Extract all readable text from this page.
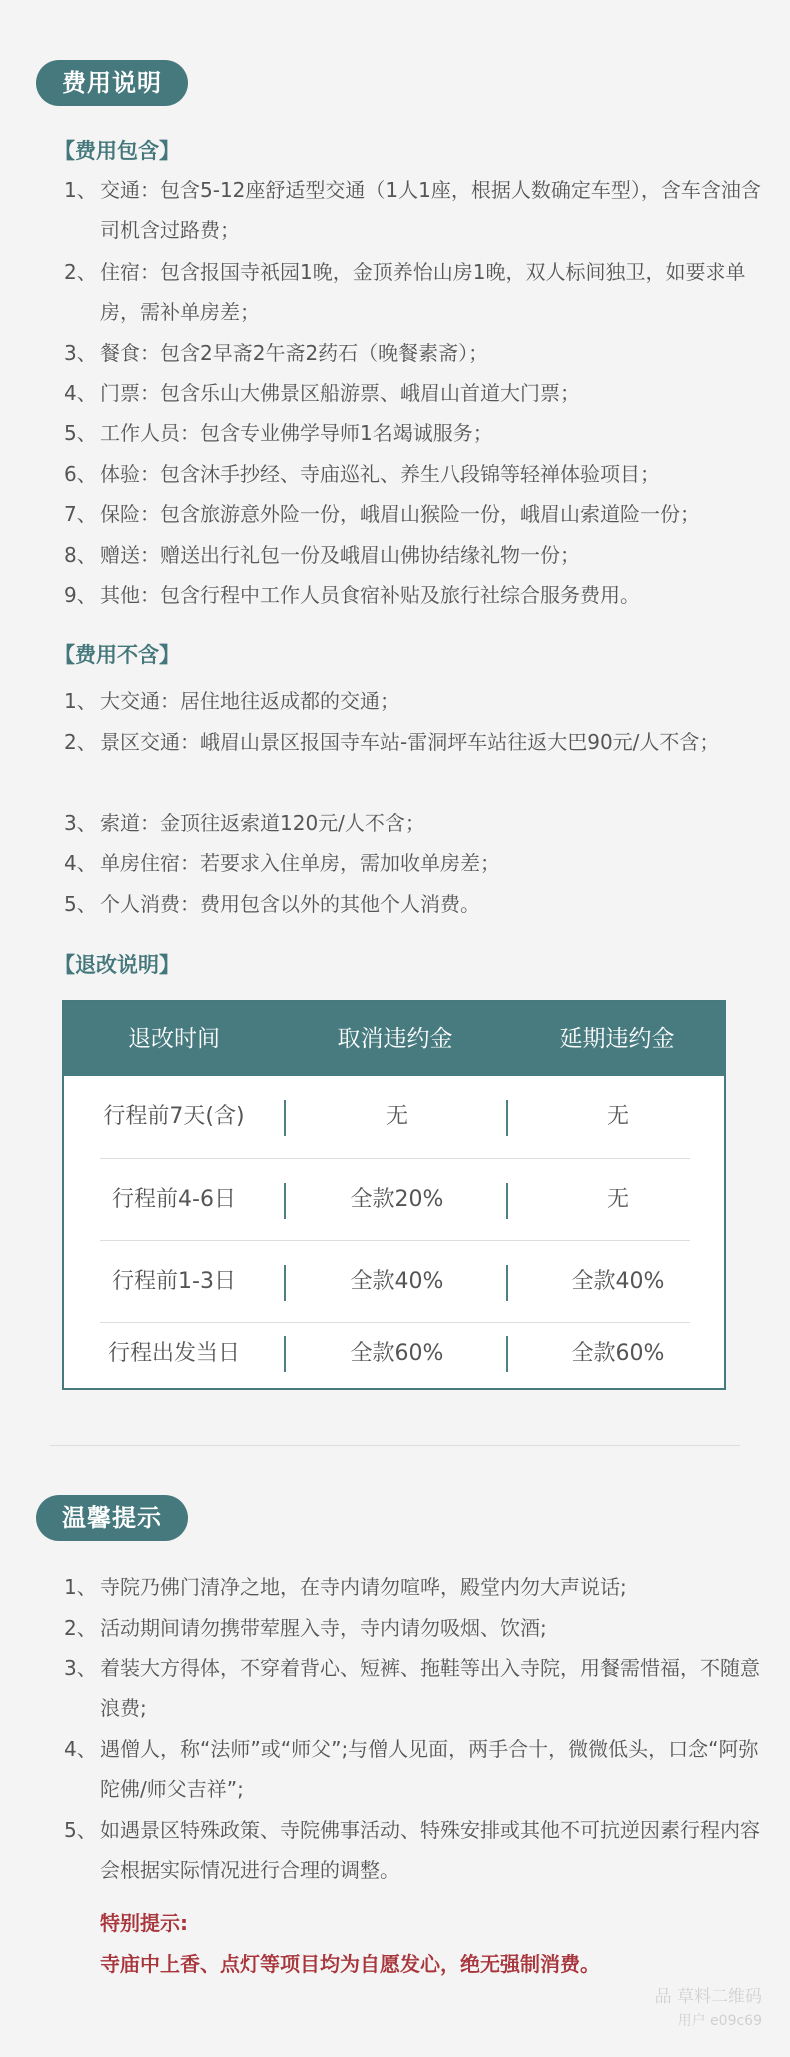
费用说明
【费用包含】
1、 交通：包含5-12座舒适型交通（1人1座，根据人数确定车型），含车含油含司机含过路费；
2、 住宿：包含报国寺祇园1晚，金顶养怡山房1晚，双人标间独卫，如要求单房，需补单房差；
3、 餐食：包含2早斋2午斋2药石（晚餐素斋）；
4、 门票：包含乐山大佛景区船游票、峨眉山首道大门票；
5、 工作人员：包含专业佛学导师1名竭诚服务；
6、 体验：包含沐手抄经、寺庙巡礼、养生八段锦等轻禅体验项目；
7、 保险：包含旅游意外险一份，峨眉山猴险一份，峨眉山索道险一份；
8、 赠送：赠送出行礼包一份及峨眉山佛协结缘礼物一份；
9、 其他：包含行程中工作人员食宿补贴及旅行社综合服务费用。
【费用不含】
1、 大交通：居住地往返成都的交通；
2、 景区交通：峨眉山景区报国寺车站-雷洞坪车站往返大巴90元/人不含；
3、 索道：金顶往返索道120元/人不含；
4、 单房住宿：若要求入住单房，需加收单房差；
5、 个人消费：费用包含以外的其他个人消费。
【退改说明】
退改时间	取消违约金	延期违约金
行程前7天(含)	无	无
行程前4-6日	全款20%	无
行程前1-3日	全款40%	全款40%
行程出发当日	全款60%	全款60%
温馨提示
1、 寺院乃佛门清净之地，在寺内请勿喧哗，殿堂内勿大声说话;
2、 活动期间请勿携带荤腥入寺，寺内请勿吸烟、饮酒;
3、 着装大方得体，不穿着背心、短裤、拖鞋等出入寺院，用餐需惜福，不随意浪费;
4、 遇僧人，称“法师”或“师父”;与僧人见面，两手合十，微微低头，口念“阿弥陀佛/师父吉祥”;
5、 如遇景区特殊政策、寺院佛事活动、特殊安排或其他不可抗逆因素行程内容会根据实际情况进行合理的调整。
特别提示:
寺庙中上香、点灯等项目均为自愿发心，绝无强制消费。
品 草料二维码
用户 e09c69
